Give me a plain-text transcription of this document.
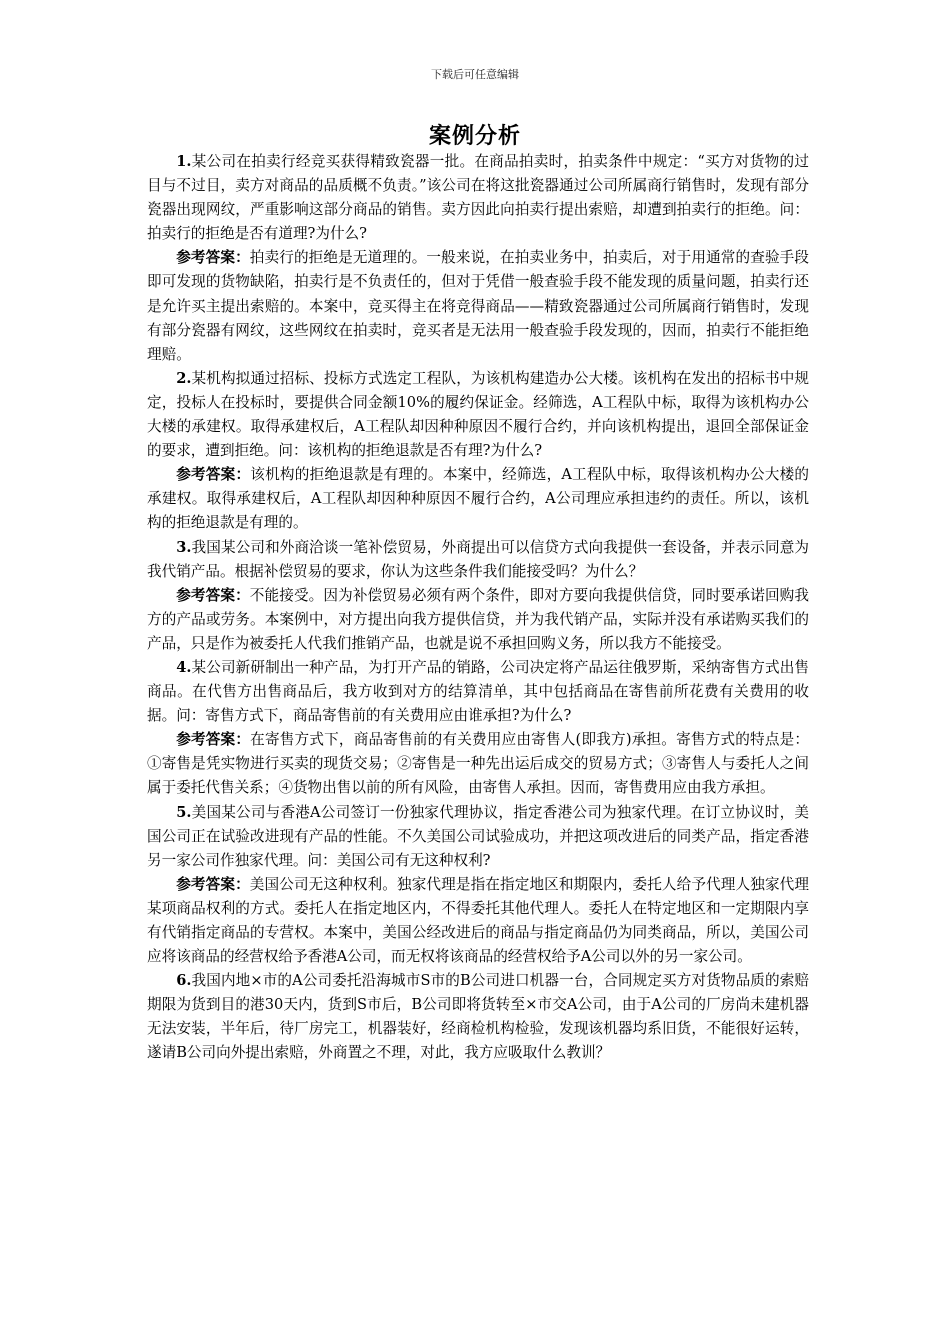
下载后可任意编辑
案例分析

1.某公司在拍卖行经竞买获得精致瓷器一批。在商品拍卖时，拍卖条件中规定：“买方对货物的过目与不过目，卖方对商品的品质概不负责。”该公司在将这批瓷器通过公司所属商行销售时，发现有部分瓷器出现网纹，严重影响这部分商品的销售。卖方因此向拍卖行提出索赔，却遭到拍卖行的拒绝。问：拍卖行的拒绝是否有道理?为什么?

参考答案：拍卖行的拒绝是无道理的。一般来说，在拍卖业务中，拍卖后，对于用通常的查验手段即可发现的货物缺陷，拍卖行是不负责任的，但对于凭借一般查验手段不能发现的质量问题，拍卖行还是允许买主提出索赔的。本案中，竞买得主在将竞得商品——精致瓷器通过公司所属商行销售时，发现有部分瓷器有网纹，这些网纹在拍卖时，竞买者是无法用一般查验手段发现的，因而，拍卖行不能拒绝理赔。

2.某机构拟通过招标、投标方式选定工程队，为该机构建造办公大楼。该机构在发出的招标书中规定，投标人在投标时，要提供合同金额10%的履约保证金。经筛选，A工程队中标，取得为该机构办公大楼的承建权。取得承建权后，A工程队却因种种原因不履行合约，并向该机构提出，退回全部保证金的要求，遭到拒绝。问：该机构的拒绝退款是否有理?为什么?

参考答案：该机构的拒绝退款是有理的。本案中，经筛选，A工程队中标，取得该机构办公大楼的承建权。取得承建权后，A工程队却因种种原因不履行合约，A公司理应承担违约的责任。所以，该机构的拒绝退款是有理的。

3.我国某公司和外商洽谈一笔补偿贸易，外商提出可以信贷方式向我提供一套设备，并表示同意为我代销产品。根据补偿贸易的要求，你认为这些条件我们能接受吗？为什么？

参考答案：不能接受。因为补偿贸易必须有两个条件，即对方要向我提供信贷，同时要承诺回购我方的产品或劳务。本案例中，对方提出向我方提供信贷，并为我代销产品，实际并没有承诺购买我们的产品，只是作为被委托人代我们推销产品，也就是说不承担回购义务，所以我方不能接受。

4.某公司新研制出一种产品，为打开产品的销路，公司决定将产品运往俄罗斯，采纳寄售方式出售商品。在代售方出售商品后，我方收到对方的结算清单，其中包括商品在寄售前所花费有关费用的收据。问：寄售方式下，商品寄售前的有关费用应由谁承担?为什么?

参考答案：在寄售方式下，商品寄售前的有关费用应由寄售人(即我方)承担。寄售方式的特点是：①寄售是凭实物进行买卖的现货交易；②寄售是一种先出运后成交的贸易方式；③寄售人与委托人之间属于委托代售关系；④货物出售以前的所有风险，由寄售人承担。因而，寄售费用应由我方承担。

5.美国某公司与香港A公司签订一份独家代理协议，指定香港公司为独家代理。在订立协议时，美国公司正在试验改进现有产品的性能。不久美国公司试验成功，并把这项改进后的同类产品，指定香港另一家公司作独家代理。问：美国公司有无这种权利?

参考答案：美国公司无这种权利。独家代理是指在指定地区和期限内，委托人给予代理人独家代理某项商品权利的方式。委托人在指定地区内，不得委托其他代理人。委托人在特定地区和一定期限内享有代销指定商品的专营权。本案中，美国公经改进后的商品与指定商品仍为同类商品，所以，美国公司应将该商品的经营权给予香港A公司，而无权将该商品的经营权给予A公司以外的另一家公司。

6.我国内地×市的A公司委托沿海城市S市的B公司进口机器一台，合同规定买方对货物品质的索赔期限为货到目的港30天内，货到S市后，B公司即将货转至×市交A公司，由于A公司的厂房尚未建机器无法安装，半年后，待厂房完工，机器装好，经商检机构检验，发现该机器均系旧货，不能很好运转，遂请B公司向外提出索赔，外商置之不理，对此，我方应吸取什么教训？
